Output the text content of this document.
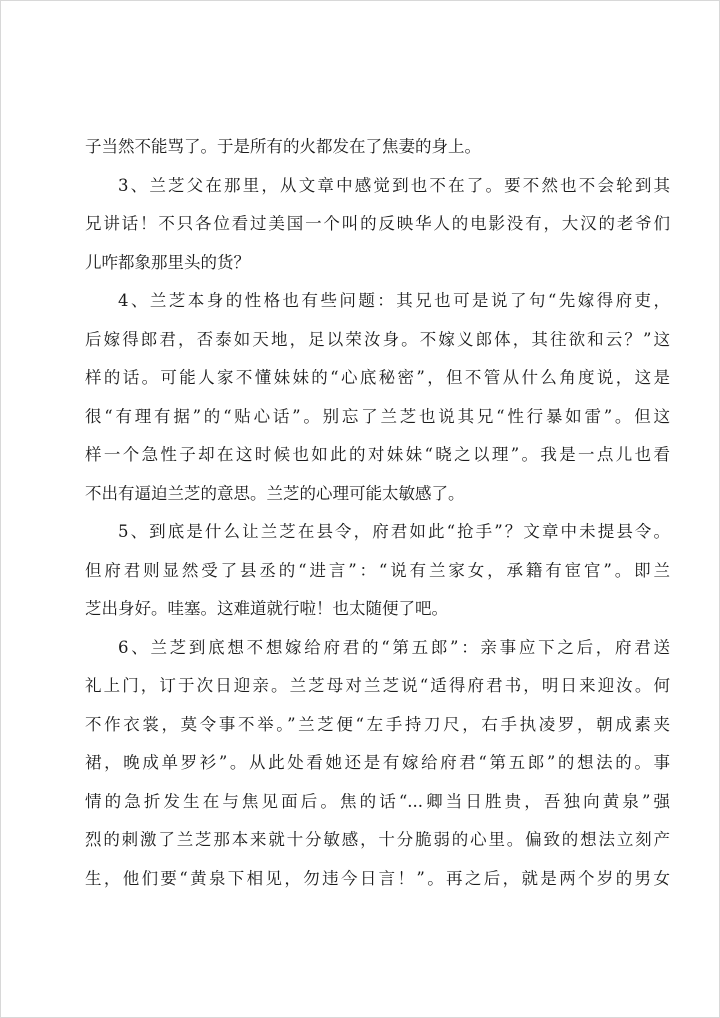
子当然不能骂了。于是所有的火都发在了焦妻的身上。
3、兰芝父在那里，从文章中感觉到也不在了。要不然也不会轮到其
兄讲话！不只各位看过美国一个叫的反映华人的电影没有，大汉的老爷们
儿咋都象那里头的货？
4、兰芝本身的性格也有些问题：其兄也可是说了句“先嫁得府吏，
后嫁得郎君，否泰如天地，足以荣汝身。不嫁义郎体，其往欲和云？”这
样的话。可能人家不懂妹妹的“心底秘密”，但不管从什么角度说，这是
很“有理有据”的“贴心话”。别忘了兰芝也说其兄“性行暴如雷”。但这
样一个急性子却在这时候也如此的对妹妹“晓之以理”。我是一点儿也看
不出有逼迫兰芝的意思。兰芝的心理可能太敏感了。
5、到底是什么让兰芝在县令，府君如此“抢手”？文章中未提县令。
但府君则显然受了县丞的“进言”：“说有兰家女，承籍有宦官”。即兰
芝出身好。哇塞。这难道就行啦！也太随便了吧。
6、兰芝到底想不想嫁给府君的“第五郎”：亲事应下之后，府君送
礼上门，订于次日迎亲。兰芝母对兰芝说“适得府君书，明日来迎汝。何
不作衣裳，莫令事不举。”兰芝便“左手持刀尺，右手执凌罗，朝成素夹
裙，晚成单罗衫”。从此处看她还是有嫁给府君“第五郎”的想法的。事
情的急折发生在与焦见面后。焦的话“...卿当日胜贵，吾独向黄泉”强
烈的刺激了兰芝那本来就十分敏感，十分脆弱的心里。偏致的想法立刻产
生，他们要“黄泉下相见，勿违今日言！”。再之后，就是两个岁的男女
